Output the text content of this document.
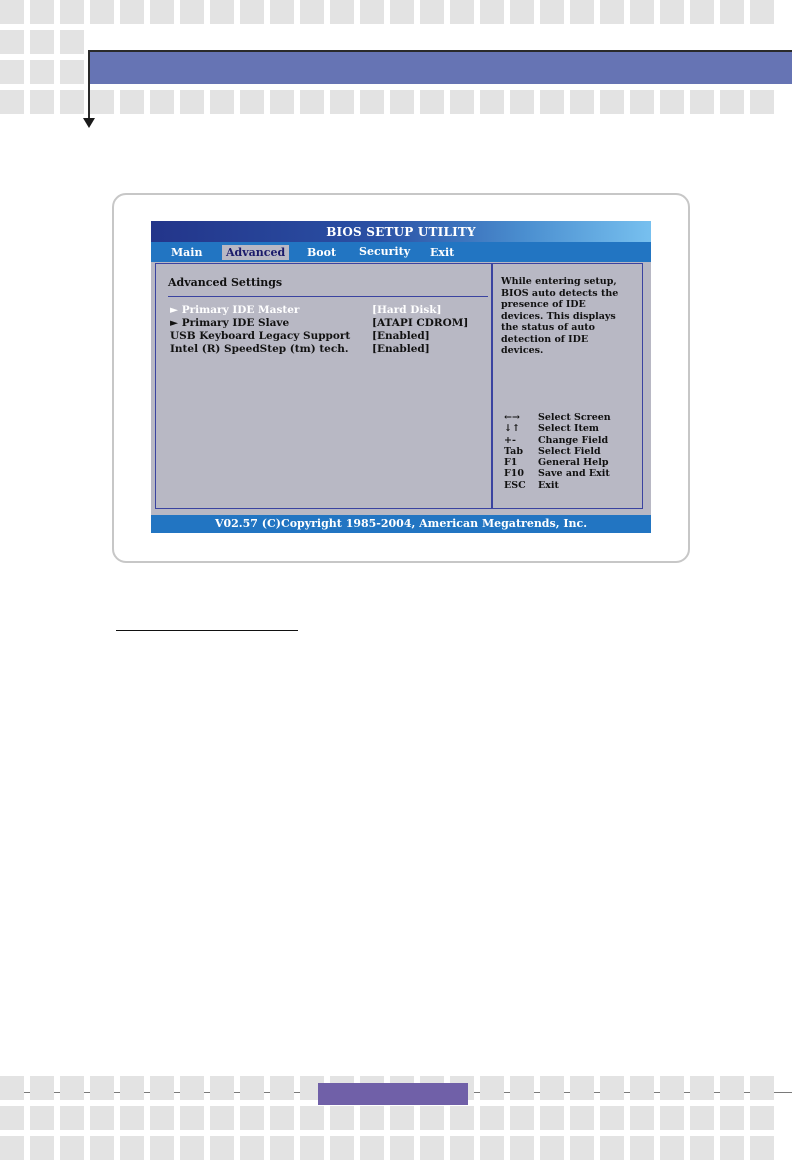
BIOS SETUP UTILITY
Main	Advanced	Boot Security Exit
Advanced Settings
► Primary IDE Master	[Hard Disk]
► Primary IDE Slave	[ATAPI CDROM]
USB Keyboard Legacy Support [Enabled]
Intel (R) SpeedStep (tm) tech. [Enabled]
While entering setup,
BIOS auto detects the
presence of IDE
devices. This displays
the status of auto
detection of IDE
devices.
←→ Select Screen
↓↑ Select Item
+- Change Field
Tab Select Field
F1 General Help
F10 Save and Exit
ESC Exit
V02.57 (C)Copyright 1985-2004, American Megatrends, Inc.
